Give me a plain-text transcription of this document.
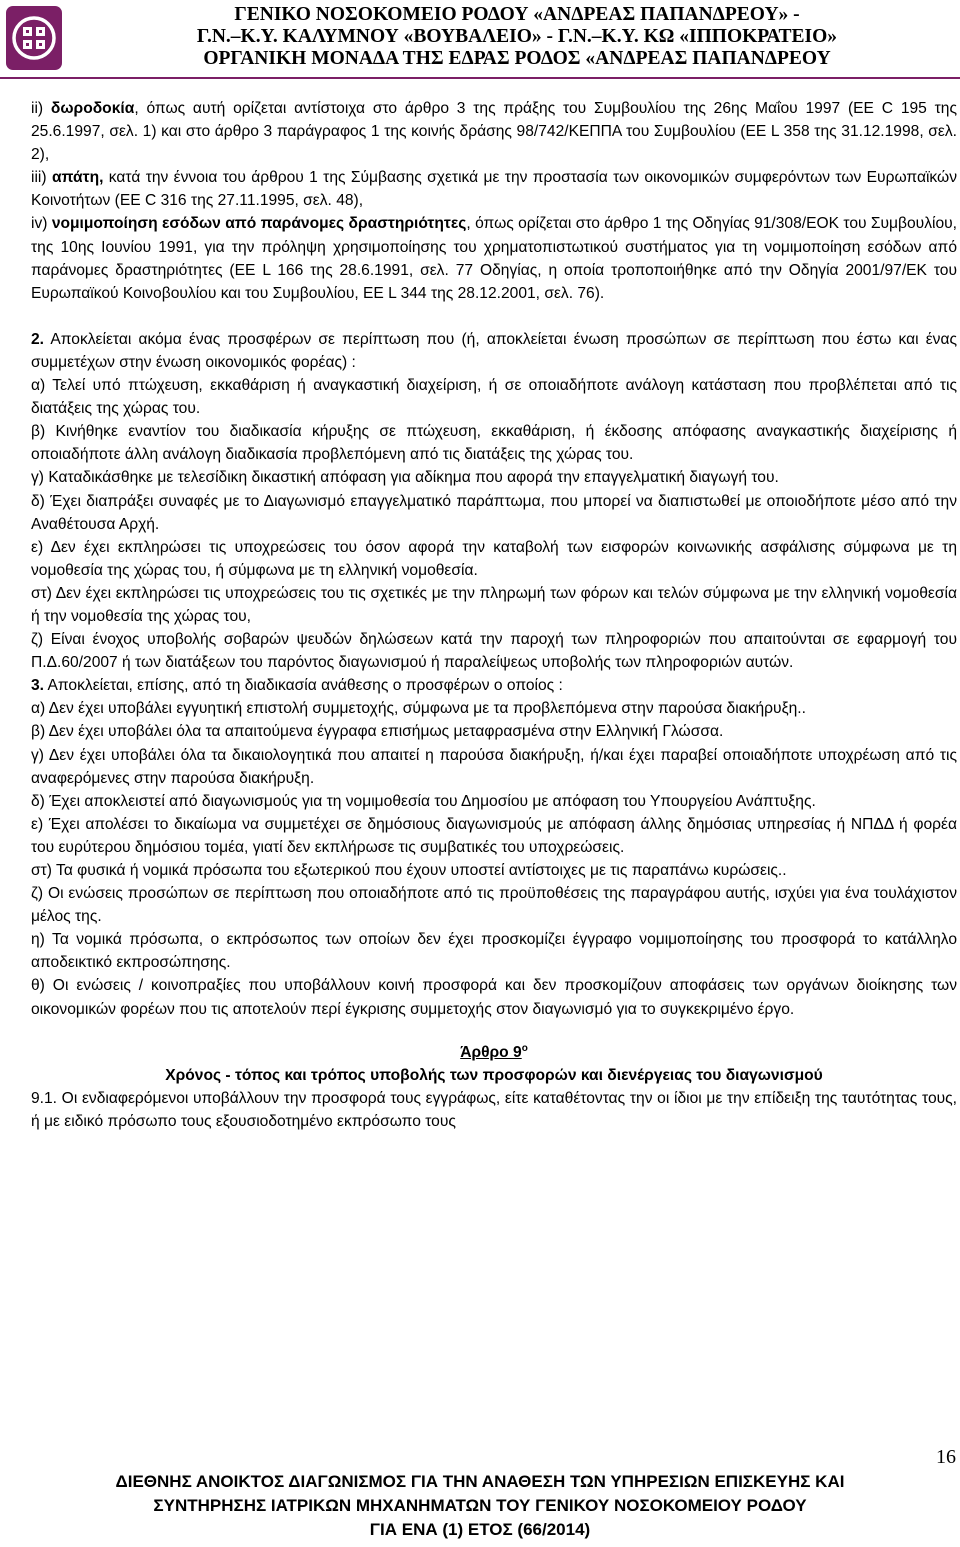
ΓΕΝΙΚΟ ΝΟΣΟΚΟΜΕΙΟ ΡΟΔΟΥ «ΑΝΔΡΕΑΣ ΠΑΠΑΝΔΡΕΟΥ» -
Γ.Ν.–Κ.Υ. ΚΑΛΥΜΝΟΥ «ΒΟΥΒΑΛΕΙΟ» - Γ.Ν.–Κ.Υ. ΚΩ «ΙΠΠΟΚΡΑΤΕΙΟ»
ΟΡΓΑΝΙΚΗ ΜΟΝΑΔΑ ΤΗΣ ΕΔΡΑΣ ΡΟΔΟΣ «ΑΝΔΡΕΑΣ ΠΑΠΑΝΔΡΕΟΥ

ii) δωροδοκία, όπως αυτή ορίζεται αντίστοιχα στο άρθρο 3 της πράξης του Συμβουλίου της 26ης Μαΐου 1997 (ΕΕ C 195 της 25.6.1997, σελ. 1) και στο άρθρο 3 παράγραφος 1 της κοινής δράσης 98/742/ΚΕΠΠΑ του Συμβουλίου (ΕΕ L 358 της 31.12.1998, σελ. 2),

iii) απάτη, κατά την έννοια του άρθρου 1 της Σύμβασης σχετικά με την προστασία των οικονομικών συμφερόντων των Ευρωπαϊκών Κοινοτήτων (ΕΕ C 316 της 27.11.1995, σελ. 48),

iv) νομιμοποίηση εσόδων από παράνομες δραστηριότητες, όπως ορίζεται στο άρθρο 1 της Οδηγίας 91/308/ΕΟΚ του Συμβουλίου, της 10ης Ιουνίου 1991, για την πρόληψη χρησιμοποίησης του χρηματοπιστωτικού συστήματος για τη νομιμοποίηση εσόδων από παράνομες δραστηριότητες (ΕΕ L 166 της 28.6.1991, σελ. 77 Οδηγίας, η οποία τροποποιήθηκε από την Οδηγία 2001/97/ΕΚ του Ευρωπαϊκού Κοινοβουλίου και του Συμβουλίου, ΕΕ L 344 της 28.12.2001, σελ. 76).

2. Αποκλείεται ακόμα ένας προσφέρων σε περίπτωση που (ή, αποκλείεται ένωση προσώπων σε περίπτωση που έστω και ένας συμμετέχων στην ένωση οικονομικός φορέας) :

α) Τελεί υπό πτώχευση, εκκαθάριση ή αναγκαστική διαχείριση, ή σε οποιαδήποτε ανάλογη κατάσταση που προβλέπεται από τις διατάξεις της χώρας του.

β) Κινήθηκε εναντίον του διαδικασία κήρυξης σε πτώχευση, εκκαθάριση, ή έκδοσης απόφασης αναγκαστικής διαχείρισης ή οποιαδήποτε άλλη ανάλογη διαδικασία προβλεπόμενη από τις διατάξεις της χώρας του.

γ) Καταδικάσθηκε με τελεσίδικη δικαστική απόφαση για αδίκημα που αφορά την επαγγελματική διαγωγή του.

δ) Έχει διαπράξει συναφές με το Διαγωνισμό επαγγελματικό παράπτωμα, που μπορεί να διαπιστωθεί με οποιοδήποτε μέσο από την Αναθέτουσα Αρχή.

ε) Δεν έχει εκπληρώσει τις υποχρεώσεις του όσον αφορά την καταβολή των εισφορών κοινωνικής ασφάλισης σύμφωνα με τη νομοθεσία της χώρας του, ή σύμφωνα με τη ελληνική νομοθεσία.

στ) Δεν έχει εκπληρώσει τις υποχρεώσεις του τις σχετικές με την πληρωμή των φόρων και τελών σύμφωνα με την ελληνική νομοθεσία ή την νομοθεσία της χώρας του,

ζ) Είναι ένοχος υποβολής σοβαρών ψευδών δηλώσεων κατά την παροχή των πληροφοριών που απαιτούνται σε εφαρμογή του Π.Δ.60/2007 ή των διατάξεων του παρόντος διαγωνισμού ή παραλείψεως υποβολής των πληροφοριών αυτών.

3. Αποκλείεται, επίσης, από τη διαδικασία ανάθεσης ο προσφέρων ο οποίος :

α) Δεν έχει υποβάλει εγγυητική επιστολή συμμετοχής, σύμφωνα με τα προβλεπόμενα στην παρούσα διακήρυξη..

β) Δεν έχει υποβάλει όλα τα απαιτούμενα έγγραφα επισήμως μεταφρασμένα στην Ελληνική Γλώσσα.

γ) Δεν έχει υποβάλει όλα τα δικαιολογητικά που απαιτεί η παρούσα διακήρυξη, ή/και έχει παραβεί οποιαδήποτε υποχρέωση από τις αναφερόμενες στην παρούσα διακήρυξη.

δ) Έχει αποκλειστεί από διαγωνισμούς για τη νομιμοθεσία του Δημοσίου με απόφαση του Υπουργείου Ανάπτυξης.

ε) Έχει απολέσει το δικαίωμα να συμμετέχει σε δημόσιους διαγωνισμούς με απόφαση άλλης δημόσιας υπηρεσίας ή ΝΠΔΔ ή φορέα του ευρύτερου δημόσιου τομέα, γιατί δεν εκπλήρωσε τις συμβατικές του υποχρεώσεις.

στ) Τα φυσικά ή νομικά πρόσωπα του εξωτερικού που έχουν υποστεί αντίστοιχες με τις παραπάνω κυρώσεις..

ζ) Οι ενώσεις προσώπων σε περίπτωση που οποιαδήποτε από τις προϋποθέσεις της παραγράφου αυτής, ισχύει για ένα τουλάχιστον μέλος της.

η) Τα νομικά πρόσωπα, ο εκπρόσωπος των οποίων δεν έχει προσκομίζει έγγραφο νομιμοποίησης του προσφορά το κατάλληλο αποδεικτικό εκπροσώπησης.

θ) Οι ενώσεις / κοινοπραξίες που υποβάλλουν κοινή προσφορά και δεν προσκομίζουν αποφάσεις των οργάνων διοίκησης των οικονομικών φορέων που τις αποτελούν περί έγκρισης συμμετοχής στον διαγωνισμό για το συγκεκριμένο έργο.

Άρθρο $9^o$

Χρόνος - τόπος και τρόπος υποβολής των προσφορών και διενέργειας του διαγωνισμού

9.1. Οι ενδιαφερόμενοι υποβάλλουν την προσφορά τους εγγράφως, είτε καταθέτοντας την οι ίδιοι με την επίδειξη της ταυτότητας τους, ή με ειδικό πρόσωπο τους εξουσιοδοτημένο εκπρόσωπο τους

16
ΔΙΕΘΝΗΣ ΑΝΟΙΚΤΟΣ ΔΙΑΓΩΝΙΣΜΟΣ ΓΙΑ ΤΗΝ ΑΝΑΘΕΣΗ ΤΩΝ ΥΠΗΡΕΣΙΩΝ ΕΠΙΣΚΕΥΗΣ ΚΑΙ
ΣΥΝΤΗΡΗΣΗΣ ΙΑΤΡΙΚΩΝ ΜΗΧΑΝΗΜΑΤΩΝ ΤΟΥ ΓΕΝΙΚΟΥ ΝΟΣΟΚΟΜΕΙΟΥ ΡΟΔΟΥ
ΓΙΑ ΕΝΑ (1) ΕΤΟΣ (66/2014)
